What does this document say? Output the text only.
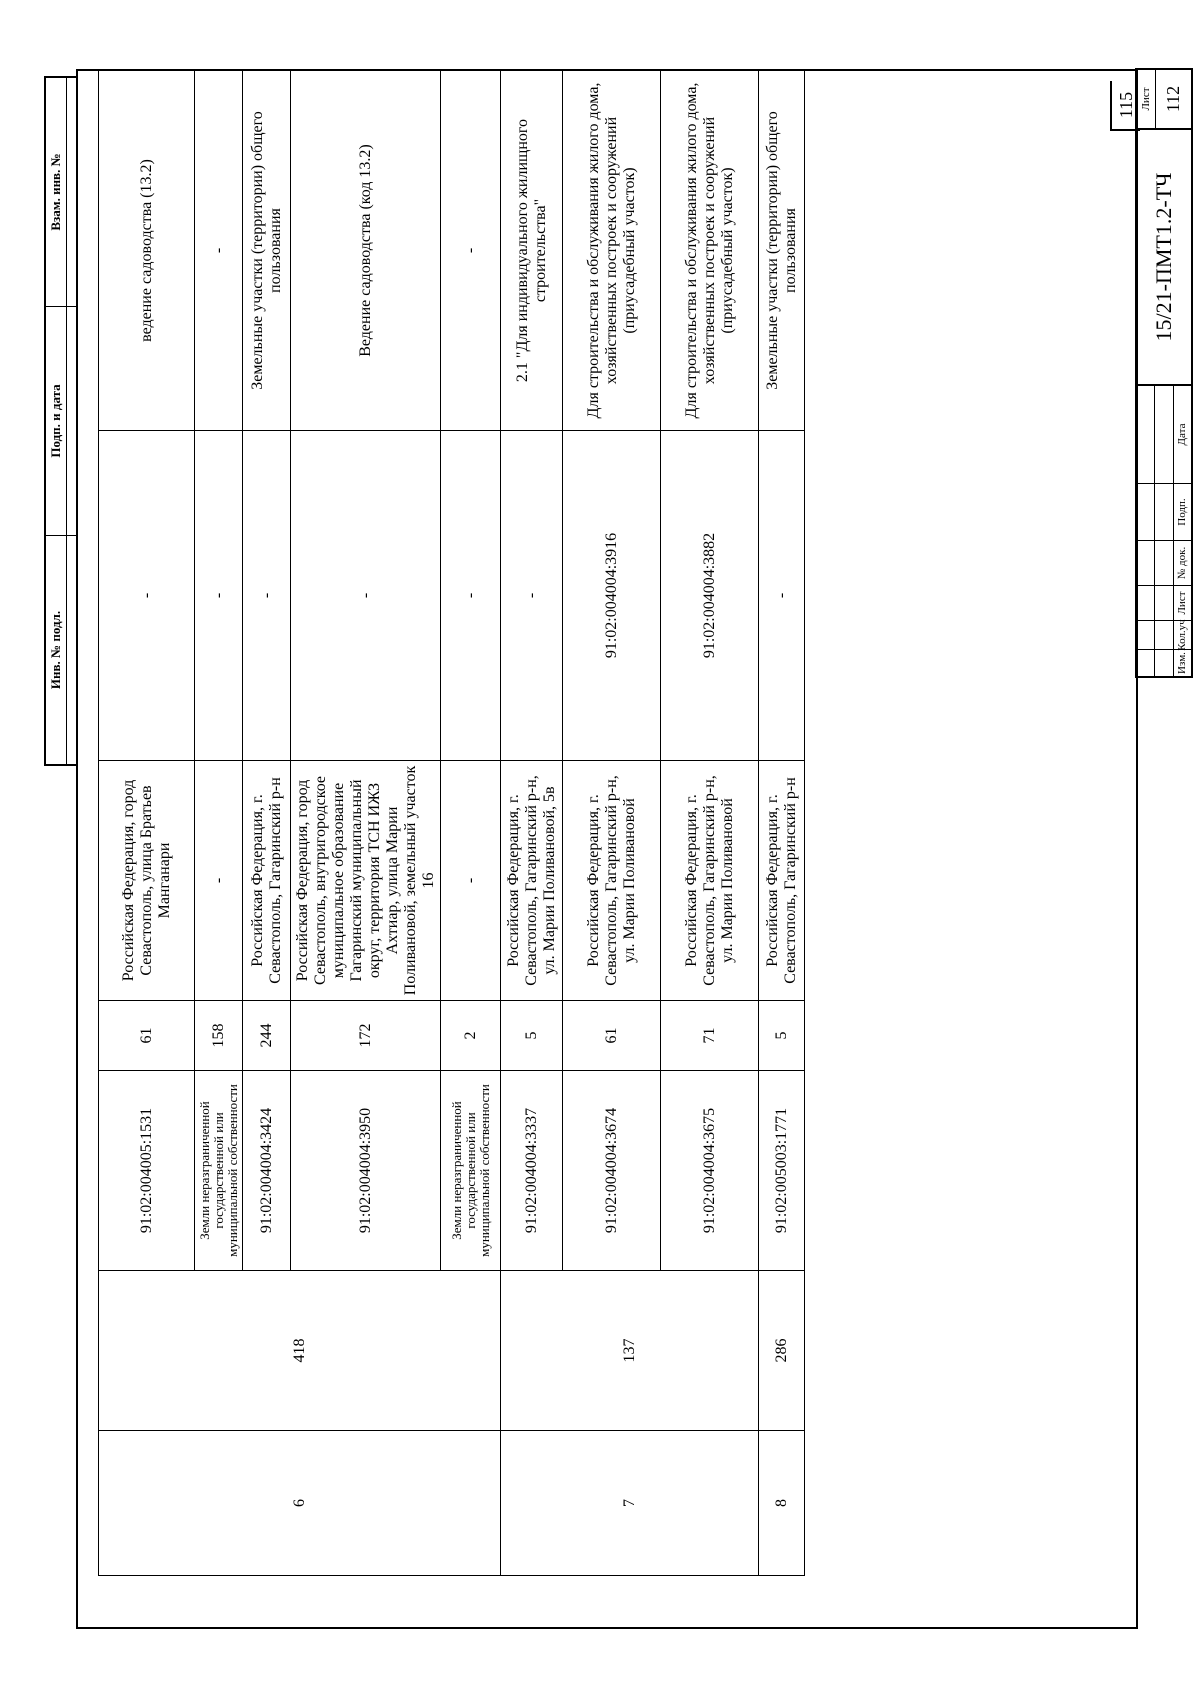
Инв. № подл.
Подп. и дата
Взам. инв. №
6	418	91:02:004005:1531	61	Российская Федерация, город Севастополь, улица Братьев Манганари	-	ведение садоводства (13.2)
		Земли неразграниченной государственной или муниципальной собственности	158	-	-	-
		91:02:004004:3424	244	Российская Федерация, г. Севастополь, Гагаринский р-н	-	Земельные участки (территории) общего пользования
		91:02:004004:3950	172	Российская Федерация, город Севастополь, внутригородское муниципальное образование Гагаринский муниципальный округ, территория ТСН ИЖЗ Ахтиар, улица Марии Поливановой, земельный участок 16	-	Ведение садоводства (код 13.2)
		Земли неразграниченной государственной или муниципальной собственности	2	-	-	-
7	137	91:02:004004:3337	5	Российская Федерация, г. Севастополь, Гагаринский р-н, ул. Марии Поливановой, 5в	-	2.1 "Для индивидуального жилищного строительства"
		91:02:004004:3674	61	Российская Федерация, г. Севастополь, Гагаринский р-н, ул. Марии Поливановой	91:02:004004:3916	Для строительства и обслуживания жилого дома, хозяйственных построек и сооружений (приусадебный участок)
		91:02:004004:3675	71	Российская Федерация, г. Севастополь, Гагаринский р-н, ул. Марии Поливановой	91:02:004004:3882	Для строительства и обслуживания жилого дома, хозяйственных построек и сооружений (приусадебный участок)
8	286	91:02:005003:1771	5	Российская Федерация, г. Севастополь, Гагаринский р-н	-	Земельные участки (территории) общего пользования
115
Изм.
Кол.уч
Лист
№ док.
Подп.
Дата
15/21-ПМТ1.2-ТЧ
Лист 112
